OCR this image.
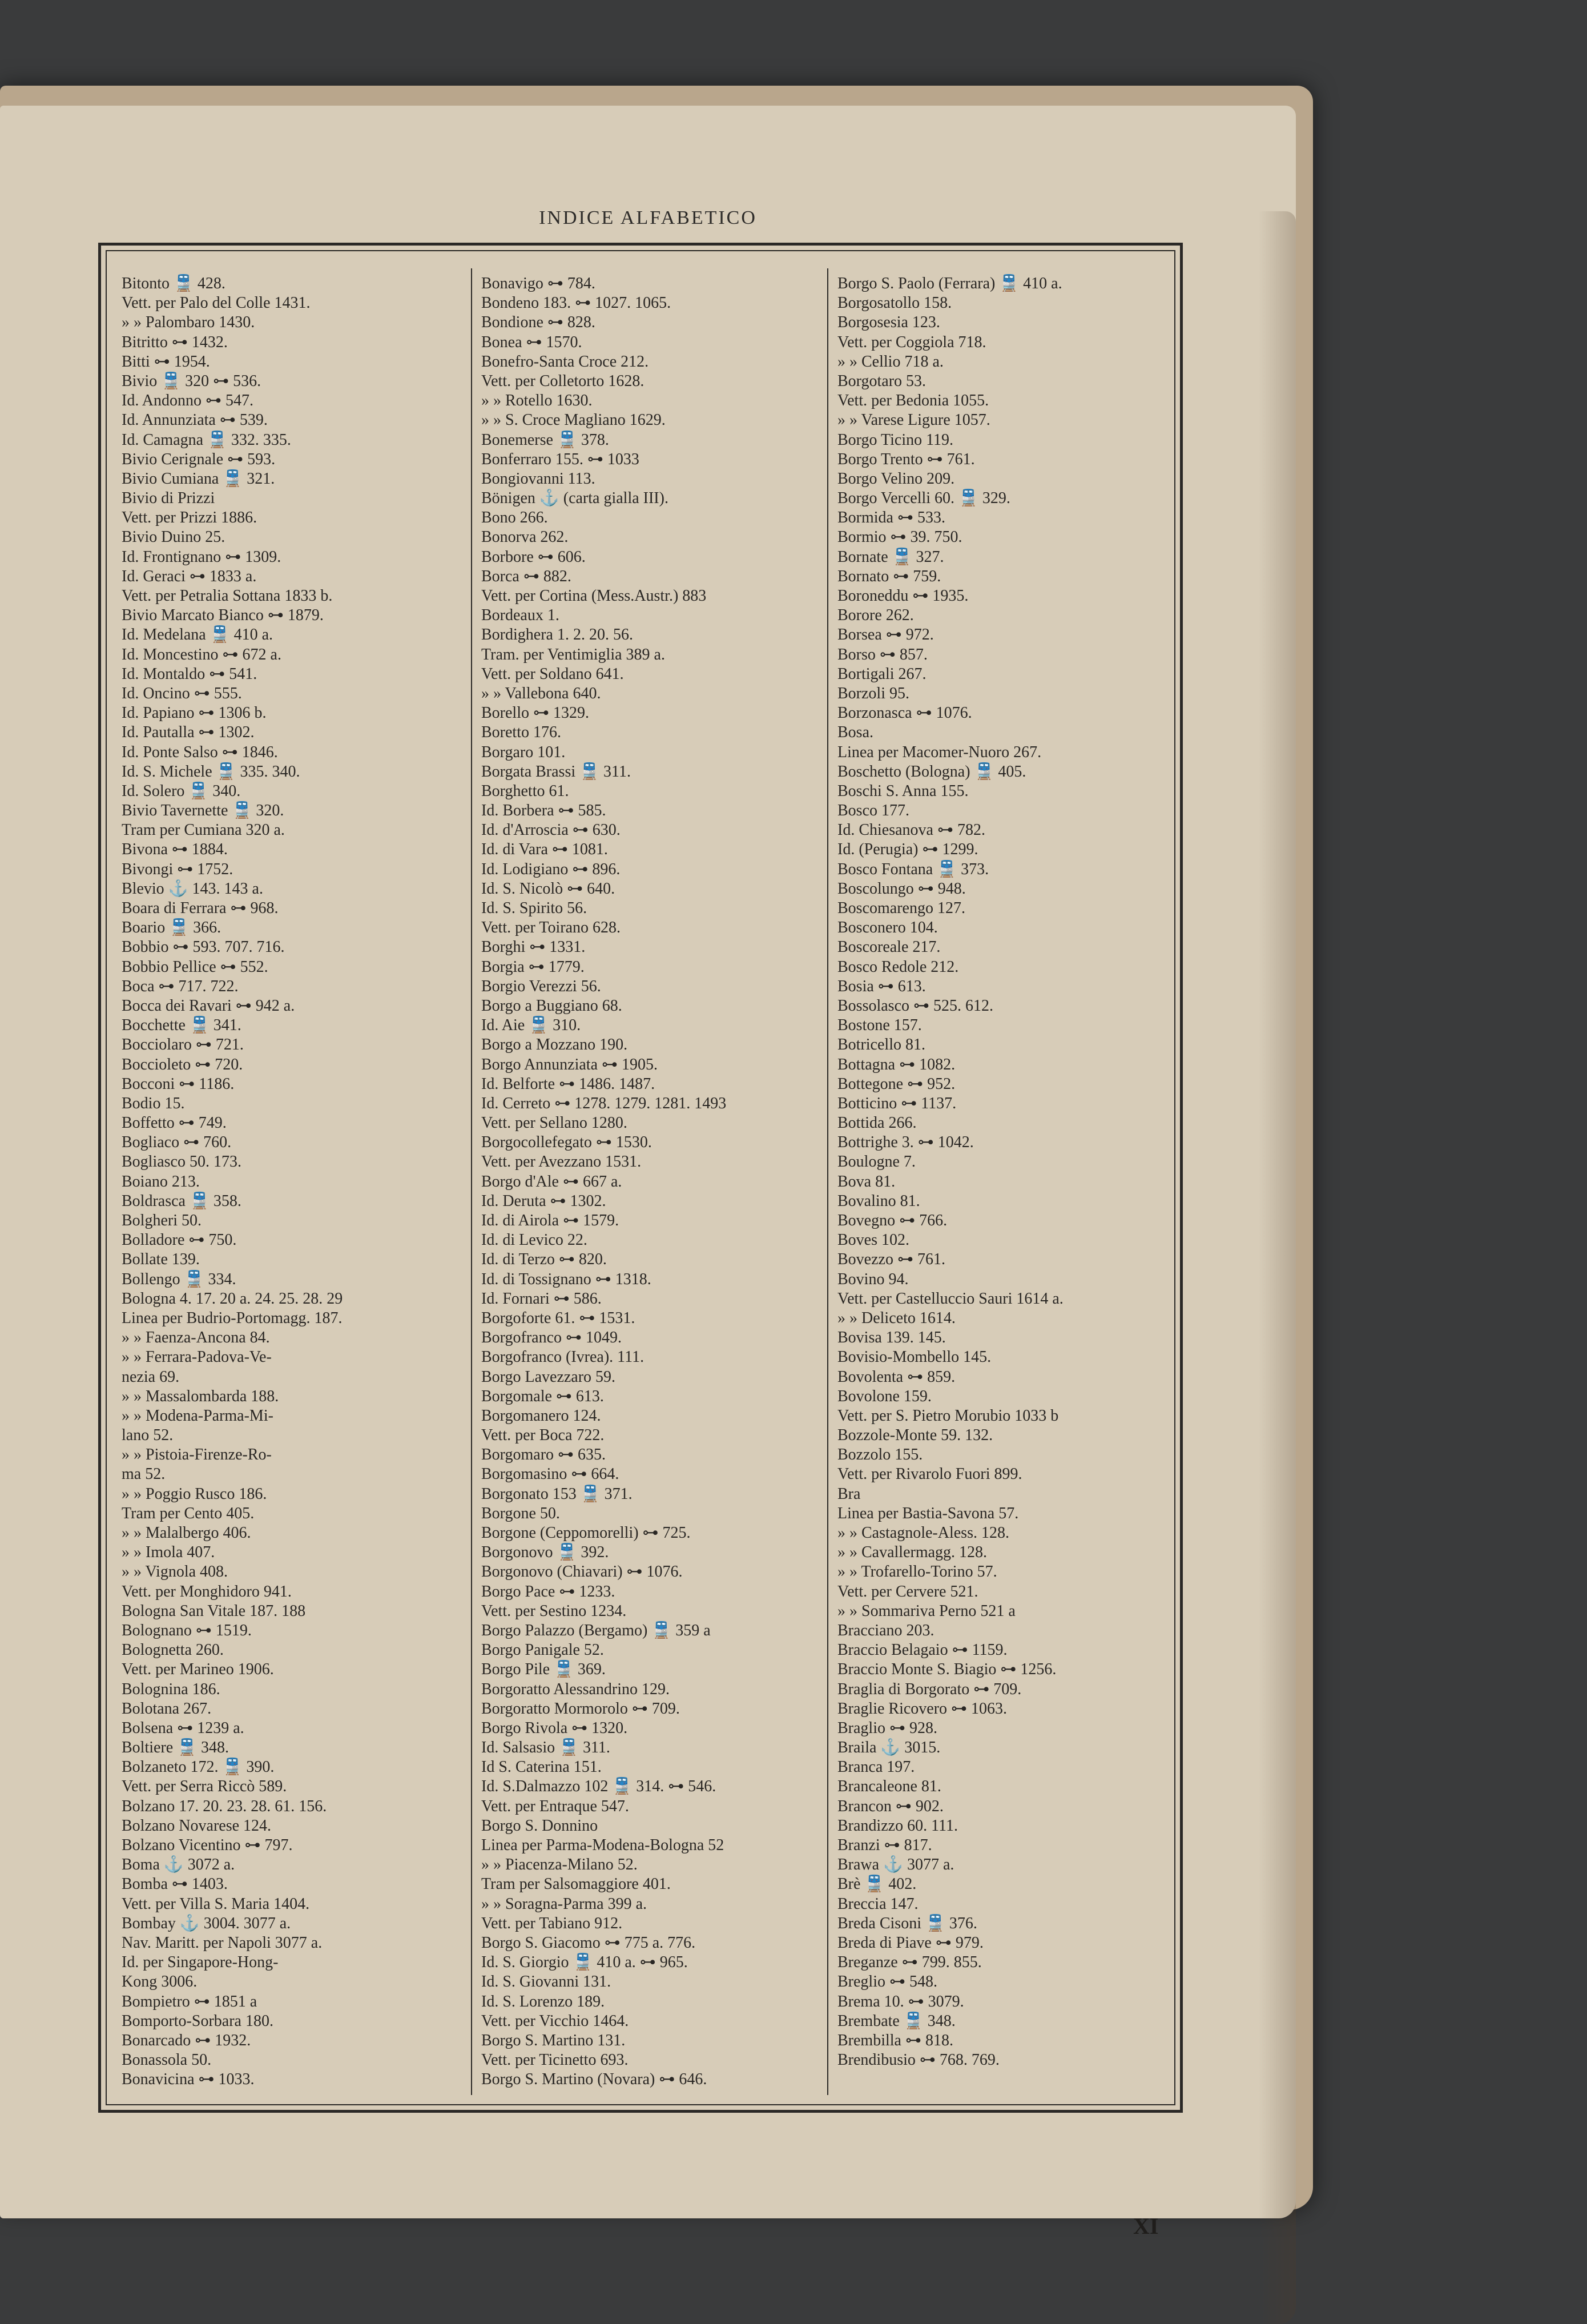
INDICE ALFABETICO
Bitonto 🚆 428.
Vett. per Palo del Colle 1431.
» » Palombaro 1430.
Bitritto ⊶ 1432.
Bitti ⊶ 1954.
Bivio 🚆 320 ⊶ 536.
Id. Andonno ⊶ 547.
Id. Annunziata ⊶ 539.
Id. Camagna 🚆 332. 335.
Bivio Cerignale ⊶ 593.
Bivio Cumiana 🚆 321.
Bivio di Prizzi
Vett. per Prizzi 1886.
Bivio Duino 25.
Id. Frontignano ⊶ 1309.
Id. Geraci ⊶ 1833 a.
Vett. per Petralia Sottana 1833 b.
Bivio Marcato Bianco ⊶ 1879.
Id. Medelana 🚆 410 a.
Id. Moncestino ⊶ 672 a.
Id. Montaldo ⊶ 541.
Id. Oncino ⊶ 555.
Id. Papiano ⊶ 1306 b.
Id. Pautalla ⊶ 1302.
Id. Ponte Salso ⊶ 1846.
Id. S. Michele 🚆 335. 340.
Id. Solero 🚆 340.
Bivio Tavernette 🚆 320.
Tram per Cumiana 320 a.
Bivona ⊶ 1884.
Bivongi ⊶ 1752.
Blevio ⚓ 143. 143 a.
Boara di Ferrara ⊶ 968.
Boario 🚆 366.
Bobbio ⊶ 593. 707. 716.
Bobbio Pellice ⊶ 552.
Boca ⊶ 717. 722.
Bocca dei Ravari ⊶ 942 a.
Bocchette 🚆 341.
Bocciolaro ⊶ 721.
Boccioleto ⊶ 720.
Bocconi ⊶ 1186.
Bodio 15.
Boffetto ⊶ 749.
Bogliaco ⊶ 760.
Bogliasco 50. 173.
Boiano 213.
Boldrasca 🚆 358.
Bolgheri 50.
Bolladore ⊶ 750.
Bollate 139.
Bollengo 🚆 334.
Bologna 4. 17. 20 a. 24. 25. 28. 29
Linea per Budrio-Portomagg. 187.
» » Faenza-Ancona 84.
» » Ferrara-Padova-Ve-
nezia 69.
» » Massalombarda 188.
» » Modena-Parma-Mi-
lano 52.
» » Pistoia-Firenze-Ro-
ma 52.
» » Poggio Rusco 186.
Tram per Cento 405.
» » Malalbergo 406.
» » Imola 407.
» » Vignola 408.
Vett. per Monghidoro 941.
Bologna San Vitale 187. 188
Bolognano ⊶ 1519.
Bolognetta 260.
Vett. per Marineo 1906.
Bolognina 186.
Bolotana 267.
Bolsena ⊶ 1239 a.
Boltiere 🚆 348.
Bolzaneto 172. 🚆 390.
Vett. per Serra Riccò 589.
Bolzano 17. 20. 23. 28. 61. 156.
Bolzano Novarese 124.
Bolzano Vicentino ⊶ 797.
Boma ⚓ 3072 a.
Bomba ⊶ 1403.
Vett. per Villa S. Maria 1404.
Bombay ⚓ 3004. 3077 a.
Nav. Maritt. per Napoli 3077 a.
Id. per Singapore-Hong-
Kong 3006.
Bompietro ⊶ 1851 a
Bomporto-Sorbara 180.
Bonarcado ⊶ 1932.
Bonassola 50.
Bonavicina ⊶ 1033.
Bonavigo ⊶ 784.
Bondeno 183. ⊶ 1027. 1065.
Bondione ⊶ 828.
Bonea ⊶ 1570.
Bonefro-Santa Croce 212.
Vett. per Colletorto 1628.
» » Rotello 1630.
» » S. Croce Magliano 1629.
Bonemerse 🚆 378.
Bonferraro 155. ⊶ 1033
Bongiovanni 113.
Bönigen ⚓ (carta gialla III).
Bono 266.
Bonorva 262.
Borbore ⊶ 606.
Borca ⊶ 882.
Vett. per Cortina (Mess.Austr.) 883
Bordeaux 1.
Bordighera 1. 2. 20. 56.
Tram. per Ventimiglia 389 a.
Vett. per Soldano 641.
» » Vallebona 640.
Borello ⊶ 1329.
Boretto 176.
Borgaro 101.
Borgata Brassi 🚆 311.
Borghetto 61.
Id. Borbera ⊶ 585.
Id. d'Arroscia ⊶ 630.
Id. di Vara ⊶ 1081.
Id. Lodigiano ⊶ 896.
Id. S. Nicolò ⊶ 640.
Id. S. Spirito 56.
Vett. per Toirano 628.
Borghi ⊶ 1331.
Borgia ⊶ 1779.
Borgio Verezzi 56.
Borgo a Buggiano 68.
Id. Aie 🚆 310.
Borgo a Mozzano 190.
Borgo Annunziata ⊶ 1905.
Id. Belforte ⊶ 1486. 1487.
Id. Cerreto ⊶ 1278. 1279. 1281. 1493
Vett. per Sellano 1280.
Borgocollefegato ⊶ 1530.
Vett. per Avezzano 1531.
Borgo d'Ale ⊶ 667 a.
Id. Deruta ⊶ 1302.
Id. di Airola ⊶ 1579.
Id. di Levico 22.
Id. di Terzo ⊶ 820.
Id. di Tossignano ⊶ 1318.
Id. Fornari ⊶ 586.
Borgoforte 61. ⊶ 1531.
Borgofranco ⊶ 1049.
Borgofranco (Ivrea). 111.
Borgo Lavezzaro 59.
Borgomale ⊶ 613.
Borgomanero 124.
Vett. per Boca 722.
Borgomaro ⊶ 635.
Borgomasino ⊶ 664.
Borgonato 153 🚆 371.
Borgone 50.
Borgone (Ceppomorelli) ⊶ 725.
Borgonovo 🚆 392.
Borgonovo (Chiavari) ⊶ 1076.
Borgo Pace ⊶ 1233.
Vett. per Sestino 1234.
Borgo Palazzo (Bergamo) 🚆 359 a
Borgo Panigale 52.
Borgo Pile 🚆 369.
Borgoratto Alessandrino 129.
Borgoratto Mormorolo ⊶ 709.
Borgo Rivola ⊶ 1320.
Id. Salsasio 🚆 311.
Id S. Caterina 151.
Id. S.Dalmazzo 102 🚆 314. ⊶ 546.
Vett. per Entraque 547.
Borgo S. Donnino
Linea per Parma-Modena-Bologna 52
» » Piacenza-Milano 52.
Tram per Salsomaggiore 401.
» » Soragna-Parma 399 a.
Vett. per Tabiano 912.
Borgo S. Giacomo ⊶ 775 a. 776.
Id. S. Giorgio 🚆 410 a. ⊶ 965.
Id. S. Giovanni 131.
Id. S. Lorenzo 189.
Vett. per Vicchio 1464.
Borgo S. Martino 131.
Vett. per Ticinetto 693.
Borgo S. Martino (Novara) ⊶ 646.
Borgo S. Paolo (Ferrara) 🚆 410 a.
Borgosatollo 158.
Borgosesia 123.
Vett. per Coggiola 718.
» » Cellio 718 a.
Borgotaro 53.
Vett. per Bedonia 1055.
» » Varese Ligure 1057.
Borgo Ticino 119.
Borgo Trento ⊶ 761.
Borgo Velino 209.
Borgo Vercelli 60. 🚆 329.
Bormida ⊶ 533.
Bormio ⊶ 39. 750.
Bornate 🚆 327.
Bornato ⊶ 759.
Boroneddu ⊶ 1935.
Borore 262.
Borsea ⊶ 972.
Borso ⊶ 857.
Bortigali 267.
Borzoli 95.
Borzonasca ⊶ 1076.
Bosa.
Linea per Macomer-Nuoro 267.
Boschetto (Bologna) 🚆 405.
Boschi S. Anna 155.
Bosco 177.
Id. Chiesanova ⊶ 782.
Id. (Perugia) ⊶ 1299.
Bosco Fontana 🚆 373.
Boscolungo ⊶ 948.
Boscomarengo 127.
Bosconero 104.
Boscoreale 217.
Bosco Redole 212.
Bosia ⊶ 613.
Bossolasco ⊶ 525. 612.
Bostone 157.
Botricello 81.
Bottagna ⊶ 1082.
Bottegone ⊶ 952.
Botticino ⊶ 1137.
Bottida 266.
Bottrighe 3. ⊶ 1042.
Boulogne 7.
Bova 81.
Bovalino 81.
Bovegno ⊶ 766.
Boves 102.
Bovezzo ⊶ 761.
Bovino 94.
Vett. per Castelluccio Sauri 1614 a.
» » Deliceto 1614.
Bovisa 139. 145.
Bovisio-Mombello 145.
Bovolenta ⊶ 859.
Bovolone 159.
Vett. per S. Pietro Morubio 1033 b
Bozzole-Monte 59. 132.
Bozzolo 155.
Vett. per Rivarolo Fuori 899.
Bra
Linea per Bastia-Savona 57.
» » Castagnole-Aless. 128.
» » Cavallermagg. 128.
» » Trofarello-Torino 57.
Vett. per Cervere 521.
» » Sommariva Perno 521 a
Bracciano 203.
Braccio Belagaio ⊶ 1159.
Braccio Monte S. Biagio ⊶ 1256.
Braglia di Borgorato ⊶ 709.
Braglie Ricovero ⊶ 1063.
Braglio ⊶ 928.
Braila ⚓ 3015.
Branca 197.
Brancaleone 81.
Brancon ⊶ 902.
Brandizzo 60. 111.
Branzi ⊶ 817.
Brawa ⚓ 3077 a.
Brè 🚆 402.
Breccia 147.
Breda Cisoni 🚆 376.
Breda di Piave ⊶ 979.
Breganze ⊶ 799. 855.
Breglio ⊶ 548.
Brema 10. ⊶ 3079.
Brembate 🚆 348.
Brembilla ⊶ 818.
Brendibusio ⊶ 768. 769.
XI
